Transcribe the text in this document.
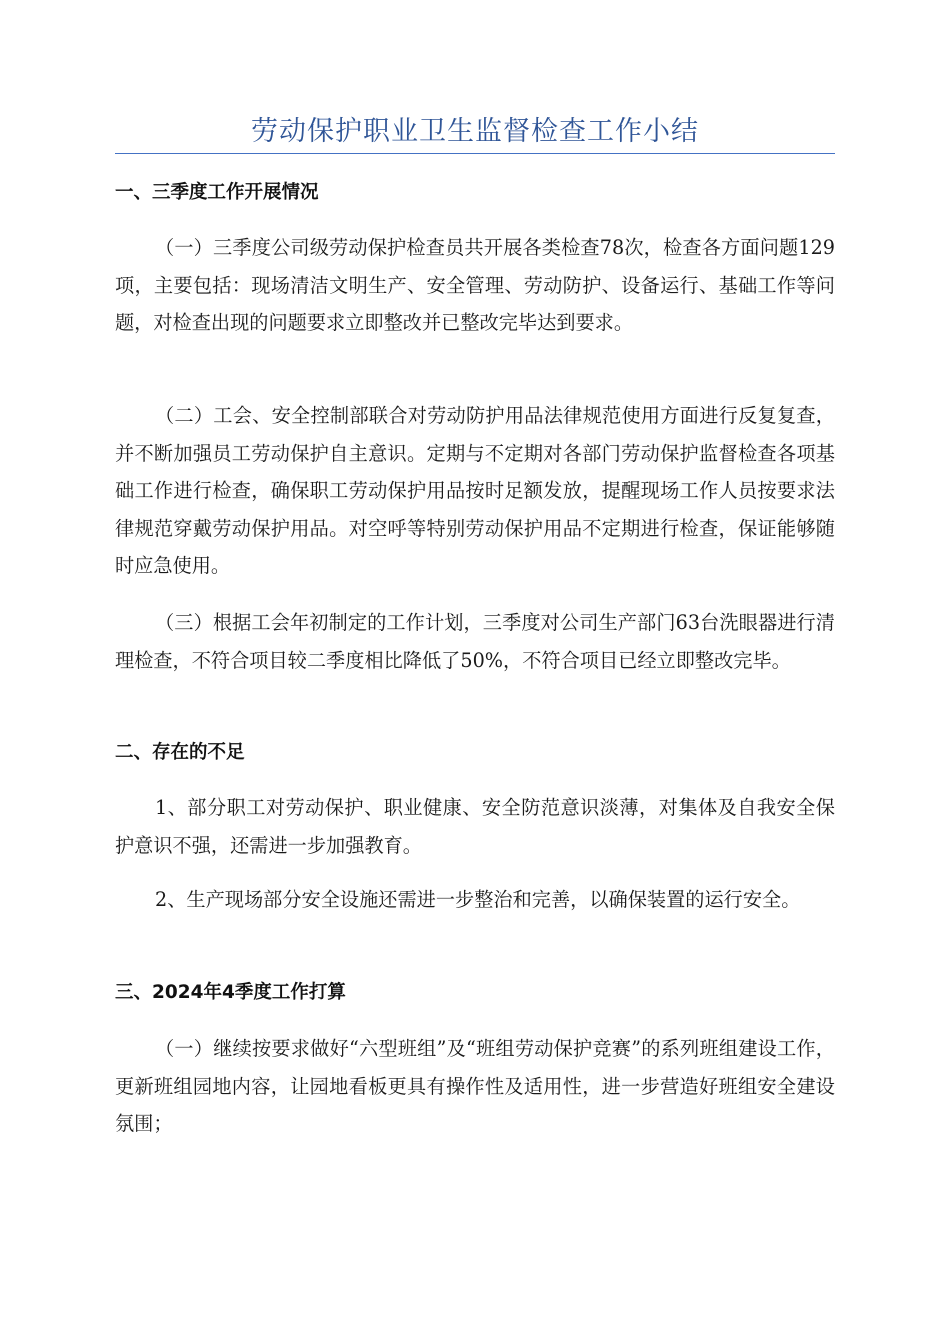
劳动保护职业卫生监督检查工作小结
一、三季度工作开展情况

（一）三季度公司级劳动保护检查员共开展各类检查78次，检查各方面问题129项，主要包括：现场清洁文明生产、安全管理、劳动防护、设备运行、基础工作等问题，对检查出现的问题要求立即整改并已整改完毕达到要求。

（二）工会、安全控制部联合对劳动防护用品法律规范使用方面进行反复复查，并不断加强员工劳动保护自主意识。定期与不定期对各部门劳动保护监督检查各项基础工作进行检查，确保职工劳动保护用品按时足额发放，提醒现场工作人员按要求法律规范穿戴劳动保护用品。对空呼等特别劳动保护用品不定期进行检查，保证能够随时应急使用。

（三）根据工会年初制定的工作计划，三季度对公司生产部门63台洗眼器进行清理检查，不符合项目较二季度相比降低了50%，不符合项目已经立即整改完毕。

二、存在的不足

1、部分职工对劳动保护、职业健康、安全防范意识淡薄，对集体及自我安全保护意识不强，还需进一步加强教育。

2、生产现场部分安全设施还需进一步整治和完善，以确保装置的运行安全。

三、2024年4季度工作打算

（一）继续按要求做好“六型班组”及“班组劳动保护竞赛”的系列班组建设工作，更新班组园地内容，让园地看板更具有操作性及适用性，进一步营造好班组安全建设氛围；
